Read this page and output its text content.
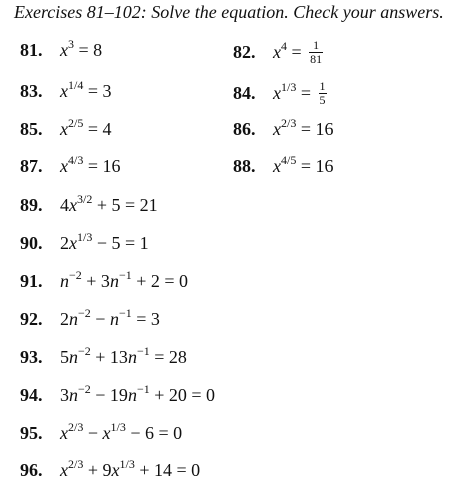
Exercises 81–102: Solve the equation. Check your answers.
81. $x^3 = 8$	82. $x^4 = \frac{1}{81}$
83. $x^{1/4} = 3$	84. $x^{1/3} = \frac{1}{5}$
85. $x^{2/5} = 4$	86. $x^{2/3} = 16$
87. $x^{4/3} = 16$	88. $x^{4/5} = 16$
89. $4x^{3/2} + 5 = 21$
90. $2x^{1/3} - 5 = 1$
91. $n^{-2} + 3n^{-1} + 2 = 0$
92. $2n^{-2} - n^{-1} = 3$
93. $5n^{-2} + 13n^{-1} = 28$
94. $3n^{-2} - 19n^{-1} + 20 = 0$
95. $x^{2/3} - x^{1/3} - 6 = 0$
96. $x^{2/3} + 9x^{1/3} + 14 = 0$
